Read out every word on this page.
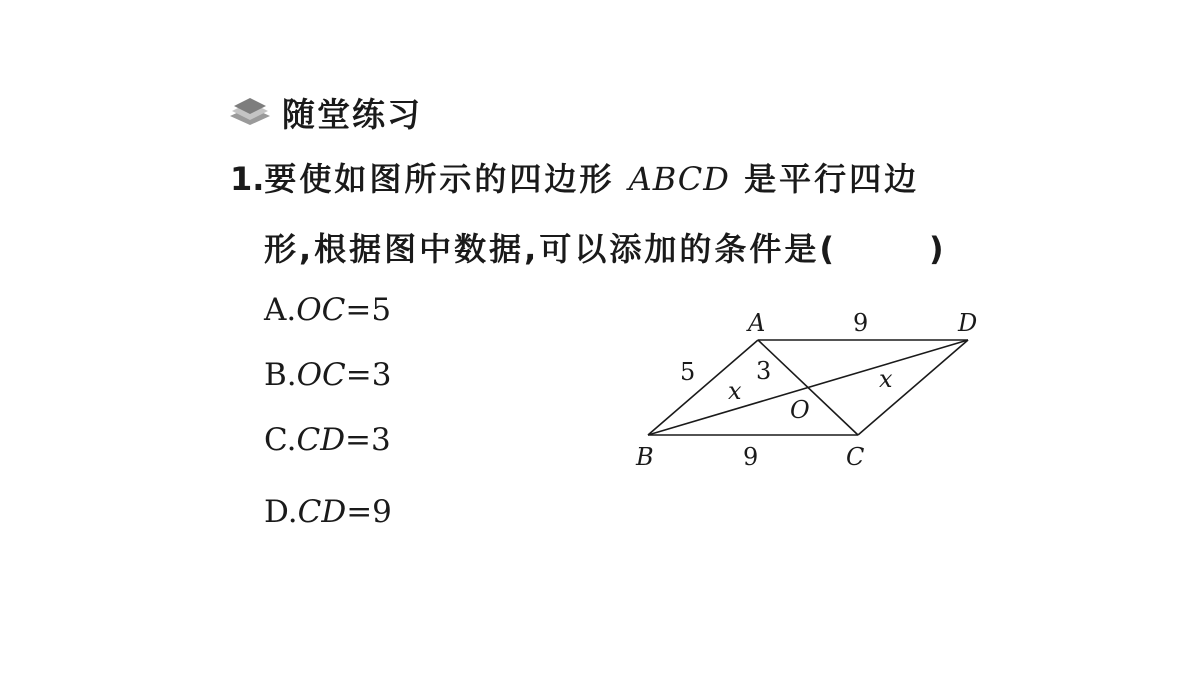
随堂练习
1.要使如图所示的四边形 ABCD 是平行四边
形,根据图中数据,可以添加的条件是(	)
A.OC=5
B.OC=3
C.CD=3
D.CD=9
A	D
B	C
O
9
9
5	3
x	x
